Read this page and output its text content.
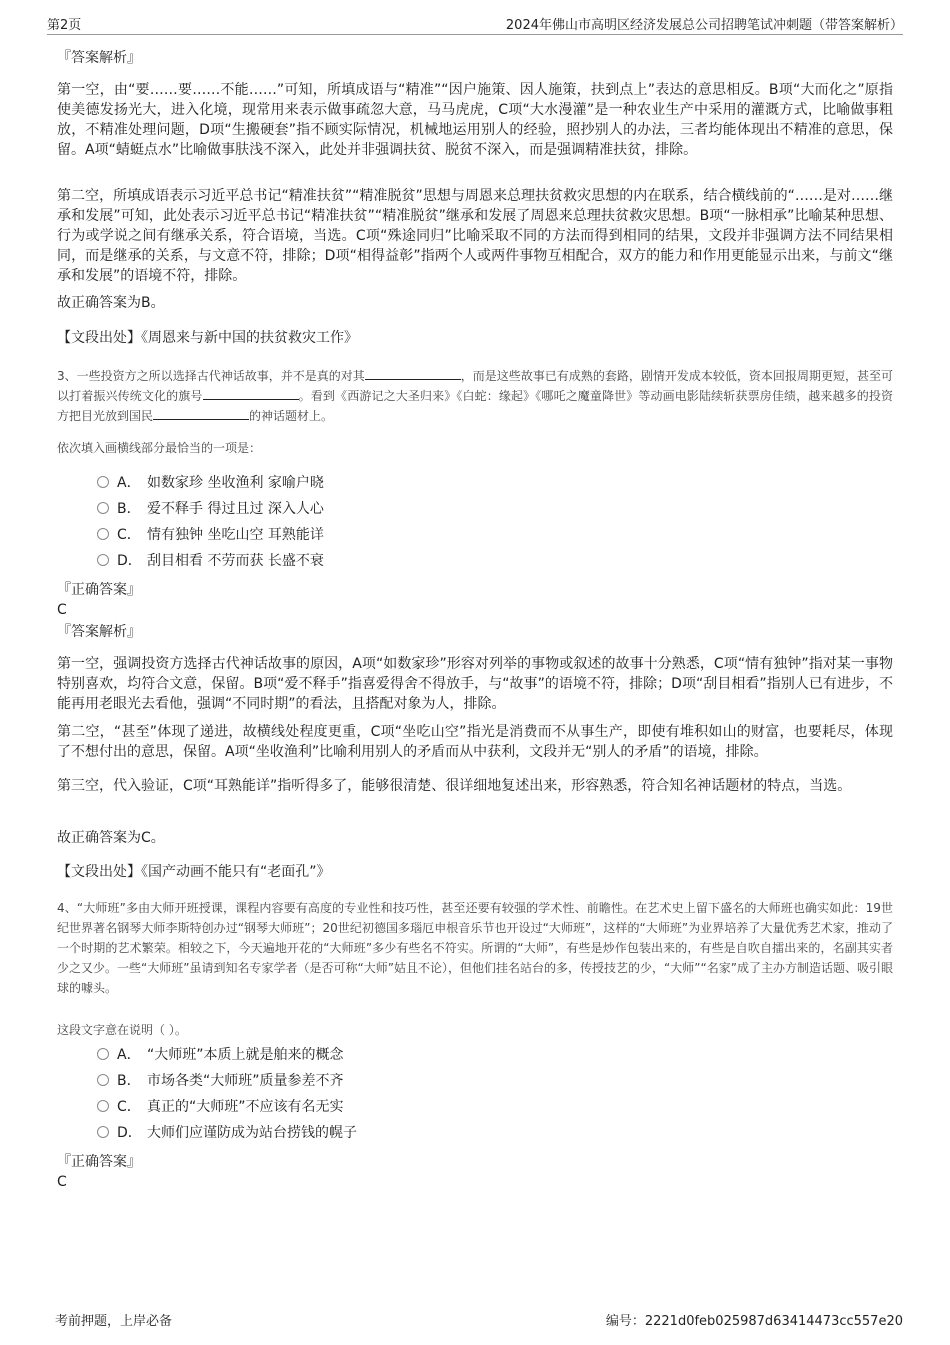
第2页	2024年佛山市高明区经济发展总公司招聘笔试冲刺题（带答案解析）
『答案解析』

第一空，由“要……要……不能……”可知，所填成语与“精准”“因户施策、因人施策，扶到点上”表达的意思相反。B项“大而化之”原指使美德发扬光大，进入化境，现常用来表示做事疏忽大意，马马虎虎，C项“大水漫灌”是一种农业生产中采用的灌溉方式，比喻做事粗放，不精准处理问题，D项“生搬硬套”指不顾实际情况，机械地运用别人的经验，照抄别人的办法，三者均能体现出不精准的意思，保留。A项“蜻蜓点水”比喻做事肤浅不深入，此处并非强调扶贫、脱贫不深入，而是强调精准扶贫，排除。

第二空，所填成语表示习近平总书记“精准扶贫”“精准脱贫”思想与周恩来总理扶贫救灾思想的内在联系，结合横线前的“……是对……继承和发展”可知，此处表示习近平总书记“精准扶贫”“精准脱贫”继承和发展了周恩来总理扶贫救灾思想。B项“一脉相承”比喻某种思想、行为或学说之间有继承关系，符合语境，当选。C项“殊途同归”比喻采取不同的方法而得到相同的结果，文段并非强调方法不同结果相同，而是继承的关系，与文意不符，排除；D项“相得益彰”指两个人或两件事物互相配合，双方的能力和作用更能显示出来，与前文“继承和发展”的语境不符，排除。

故正确答案为B。

【文段出处】《周恩来与新中国的扶贫救灾工作》

3、一些投资方之所以选择古代神话故事，并不是真的对其	，而是这些故事已有成熟的套路，剧情开发成本较低，资本回报周期更短，甚至可以打着振兴传统文化的旗号	。看到《西游记之大圣归来》《白蛇：缘起》《哪吒之魔童降世》等动画电影陆续斩获票房佳绩，越来越多的投资方把目光放到国民	的神话题材上。

依次填入画横线部分最恰当的一项是：

A． 如数家珍 坐收渔利 家喻户晓
B． 爱不释手 得过且过 深入人心
C． 情有独钟 坐吃山空 耳熟能详
D． 刮目相看 不劳而获 长盛不衰
『正确答案』
C
『答案解析』

第一空，强调投资方选择古代神话故事的原因，A项“如数家珍”形容对列举的事物或叙述的故事十分熟悉，C项“情有独钟”指对某一事物特别喜欢，均符合文意，保留。B项“爱不释手”指喜爱得舍不得放手，与“故事”的语境不符，排除；D项“刮目相看”指别人已有进步，不能再用老眼光去看他，强调“不同时期”的看法，且搭配对象为人，排除。

第二空，“甚至”体现了递进，故横线处程度更重，C项“坐吃山空”指光是消费而不从事生产，即使有堆积如山的财富，也要耗尽，体现了不想付出的意思，保留。A项“坐收渔利”比喻利用别人的矛盾而从中获利，文段并无“别人的矛盾”的语境，排除。

第三空，代入验证，C项“耳熟能详”指听得多了，能够很清楚、很详细地复述出来，形容熟悉，符合知名神话题材的特点，当选。

故正确答案为C。

【文段出处】《国产动画不能只有“老面孔”》

4、“大师班”多由大师开班授课，课程内容要有高度的专业性和技巧性，甚至还要有较强的学术性、前瞻性。在艺术史上留下盛名的大师班也确实如此：19世纪世界著名钢琴大师李斯特创办过“钢琴大师班”；20世纪初德国多瑙厄申根音乐节也开设过“大师班”，这样的“大师班”为业界培养了大量优秀艺术家，推动了一个时期的艺术繁荣。相较之下，今天遍地开花的“大师班”多少有些名不符实。所谓的“大师”，有些是炒作包装出来的，有些是自吹自擂出来的，名副其实者少之又少。一些“大师班”虽请到知名专家学者（是否可称“大师”姑且不论），但他们挂名站台的多，传授技艺的少，“大师”“名家”成了主办方制造话题、吸引眼球的噱头。

这段文字意在说明（ ）。

A． “大师班”本质上就是舶来的概念
B． 市场各类“大师班”质量参差不齐
C． 真正的“大师班”不应该有名无实
D． 大师们应谨防成为站台捞钱的幌子
『正确答案』
C
考前押题，上岸必备	编号：2221d0feb025987d63414473cc557e20
